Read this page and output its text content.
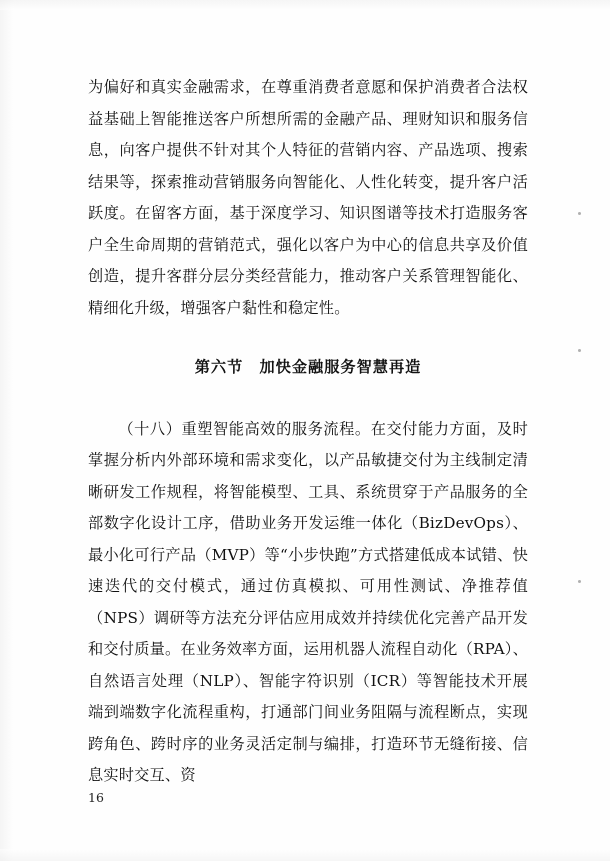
为偏好和真实金融需求，在尊重消费者意愿和保护消费者合法权益基础上智能推送客户所想所需的金融产品、理财知识和服务信息，向客户提供不针对其个人特征的营销内容、产品选项、搜索结果等，探索推动营销服务向智能化、人性化转变，提升客户活跃度。在留客方面，基于深度学习、知识图谱等技术打造服务客户全生命周期的营销范式，强化以客户为中心的信息共享及价值创造，提升客群分层分类经营能力，推动客户关系管理智能化、精细化升级，增强客户黏性和稳定性。

第六节　加快金融服务智慧再造

（十八）重塑智能高效的服务流程。在交付能力方面，及时掌握分析内外部环境和需求变化，以产品敏捷交付为主线制定清晰研发工作规程，将智能模型、工具、系统贯穿于产品服务的全部数字化设计工序，借助业务开发运维一体化（BizDevOps）、最小化可行产品（MVP）等“小步快跑”方式搭建低成本试错、快速迭代的交付模式，通过仿真模拟、可用性测试、净推荐值（NPS）调研等方法充分评估应用成效并持续优化完善产品开发和交付质量。在业务效率方面，运用机器人流程自动化（RPA）、自然语言处理（NLP）、智能字符识别（ICR）等智能技术开展端到端数字化流程重构，打通部门间业务阻隔与流程断点，实现跨角色、跨时序的业务灵活定制与编排，打造环节无缝衔接、信息实时交互、资

16
